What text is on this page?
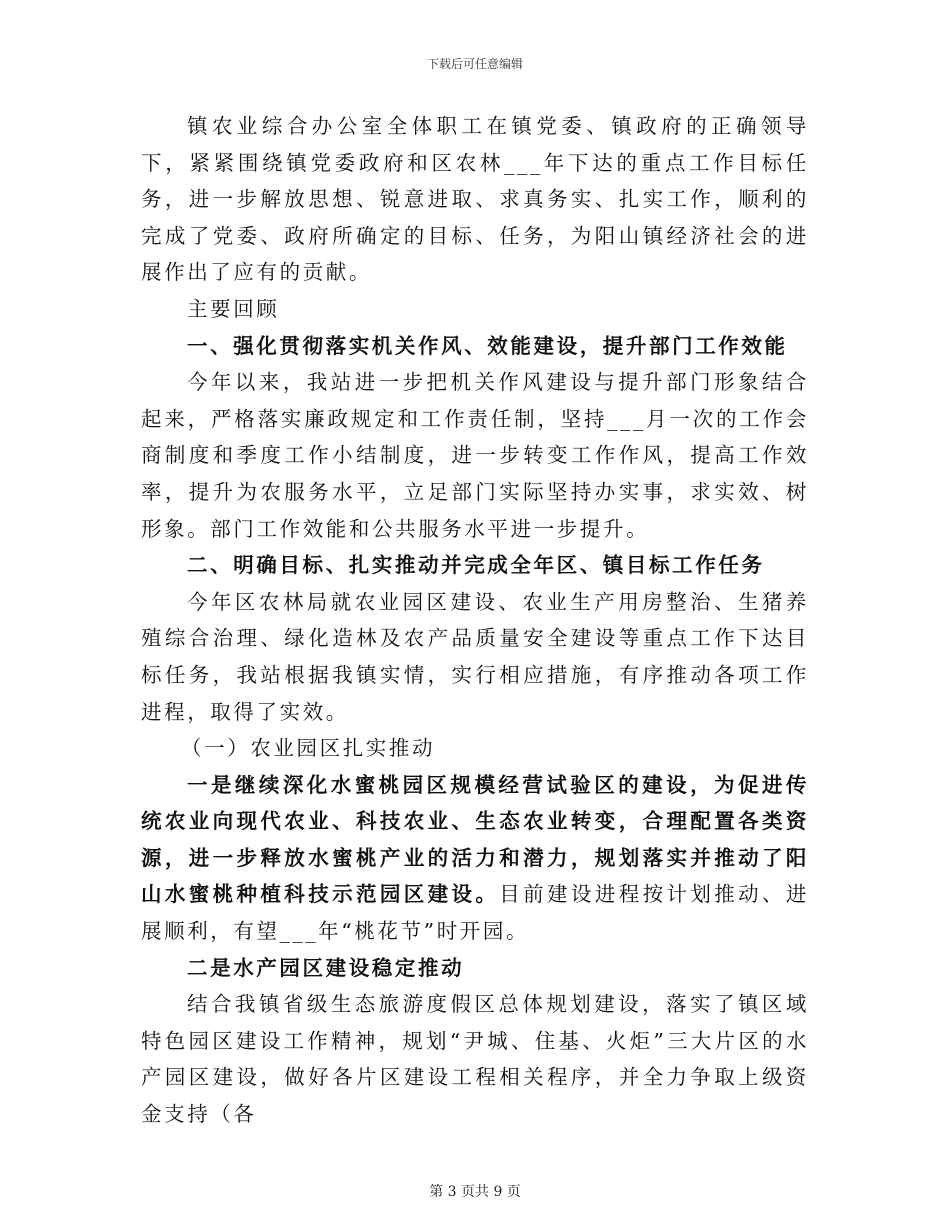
下载后可任意编辑

镇农业综合办公室全体职工在镇党委、镇政府的正确领导下，紧紧围绕镇党委政府和区农林___年下达的重点工作目标任务，进一步解放思想、锐意进取、求真务实、扎实工作，顺利的完成了党委、政府所确定的目标、任务，为阳山镇经济社会的进展作出了应有的贡献。

主要回顾

一、强化贯彻落实机关作风、效能建设，提升部门工作效能

今年以来，我站进一步把机关作风建设与提升部门形象结合起来，严格落实廉政规定和工作责任制，坚持___月一次的工作会商制度和季度工作小结制度，进一步转变工作作风，提高工作效率，提升为农服务水平，立足部门实际坚持办实事，求实效、树形象。部门工作效能和公共服务水平进一步提升。

二、明确目标、扎实推动并完成全年区、镇目标工作任务

今年区农林局就农业园区建设、农业生产用房整治、生猪养殖综合治理、绿化造林及农产品质量安全建设等重点工作下达目标任务，我站根据我镇实情，实行相应措施，有序推动各项工作进程，取得了实效。

（一）农业园区扎实推动

一是继续深化水蜜桃园区规模经营试验区的建设，为促进传统农业向现代农业、科技农业、生态农业转变，合理配置各类资源，进一步释放水蜜桃产业的活力和潜力，规划落实并推动了阳山水蜜桃种植科技示范园区建设。目前建设进程按计划推动、进展顺利，有望___年“桃花节”时开园。

二是水产园区建设稳定推动

结合我镇省级生态旅游度假区总体规划建设，落实了镇区域特色园区建设工作精神，规划“尹城、住基、火炬”三大片区的水产园区建设，做好各片区建设工程相关程序，并全力争取上级资金支持（各

第 3 页共 9 页
